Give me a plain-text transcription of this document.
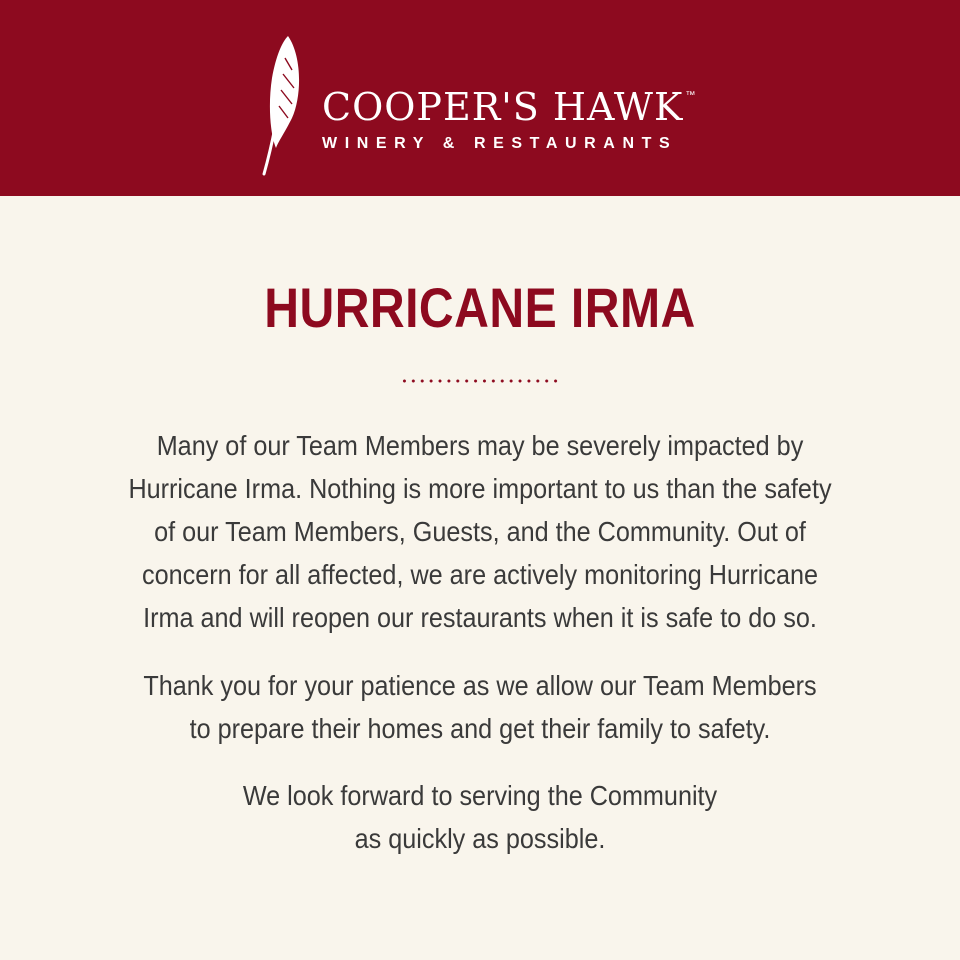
COOPER'S HAWK ™
WINERY & RESTAURANTS
HURRICANE IRMA
Many of our Team Members may be severely impacted by
Hurricane Irma. Nothing is more important to us than the safety
of our Team Members, Guests, and the Community. Out of
concern for all affected, we are actively monitoring Hurricane
Irma and will reopen our restaurants when it is safe to do so.
Thank you for your patience as we allow our Team Members
to prepare their homes and get their family to safety.
We look forward to serving the Community
as quickly as possible.
